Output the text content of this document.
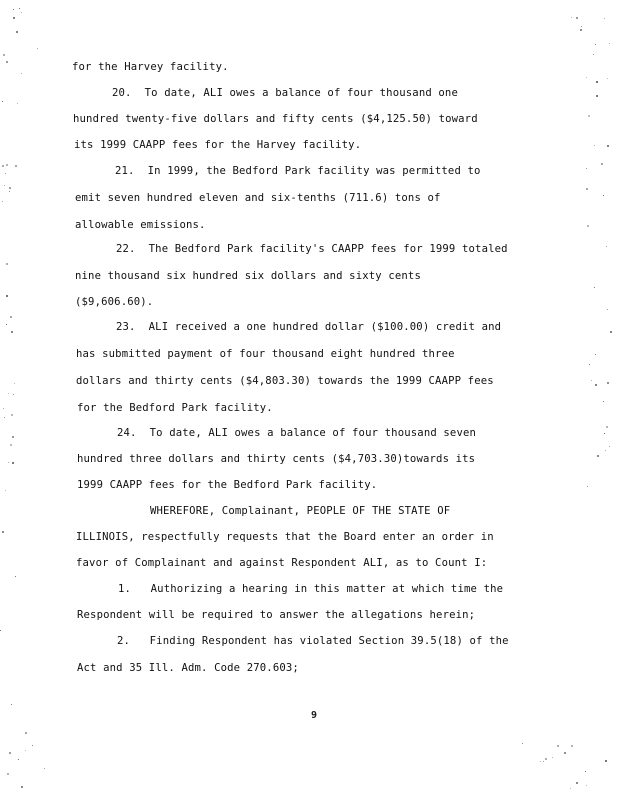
for the Harvey facility.
20.  To date, ALI owes a balance of four thousand one
hundred twenty-five dollars and fifty cents ($4,125.50) toward
its 1999 CAAPP fees for the Harvey facility.
21.  In 1999, the Bedford Park facility was permitted to
emit seven hundred eleven and six-tenths (711.6) tons of
allowable emissions.
22.  The Bedford Park facility's CAAPP fees for 1999 totaled
nine thousand six hundred six dollars and sixty cents
($9,606.60).
23.  ALI received a one hundred dollar ($100.00) credit and
has submitted payment of four thousand eight hundred three
dollars and thirty cents ($4,803.30) towards the 1999 CAAPP fees
for the Bedford Park facility.
24.  To date, ALI owes a balance of four thousand seven
hundred three dollars and thirty cents ($4,703.30)towards its
1999 CAAPP fees for the Bedford Park facility.
WHEREFORE, Complainant, PEOPLE OF THE STATE OF
ILLINOIS, respectfully requests that the Board enter an order in
favor of Complainant and against Respondent ALI, as to Count I:
1.   Authorizing a hearing in this matter at which time the
Respondent will be required to answer the allegations herein;
2.   Finding Respondent has violated Section 39.5(18) of the
Act and 35 Ill. Adm. Code 270.603;
9
